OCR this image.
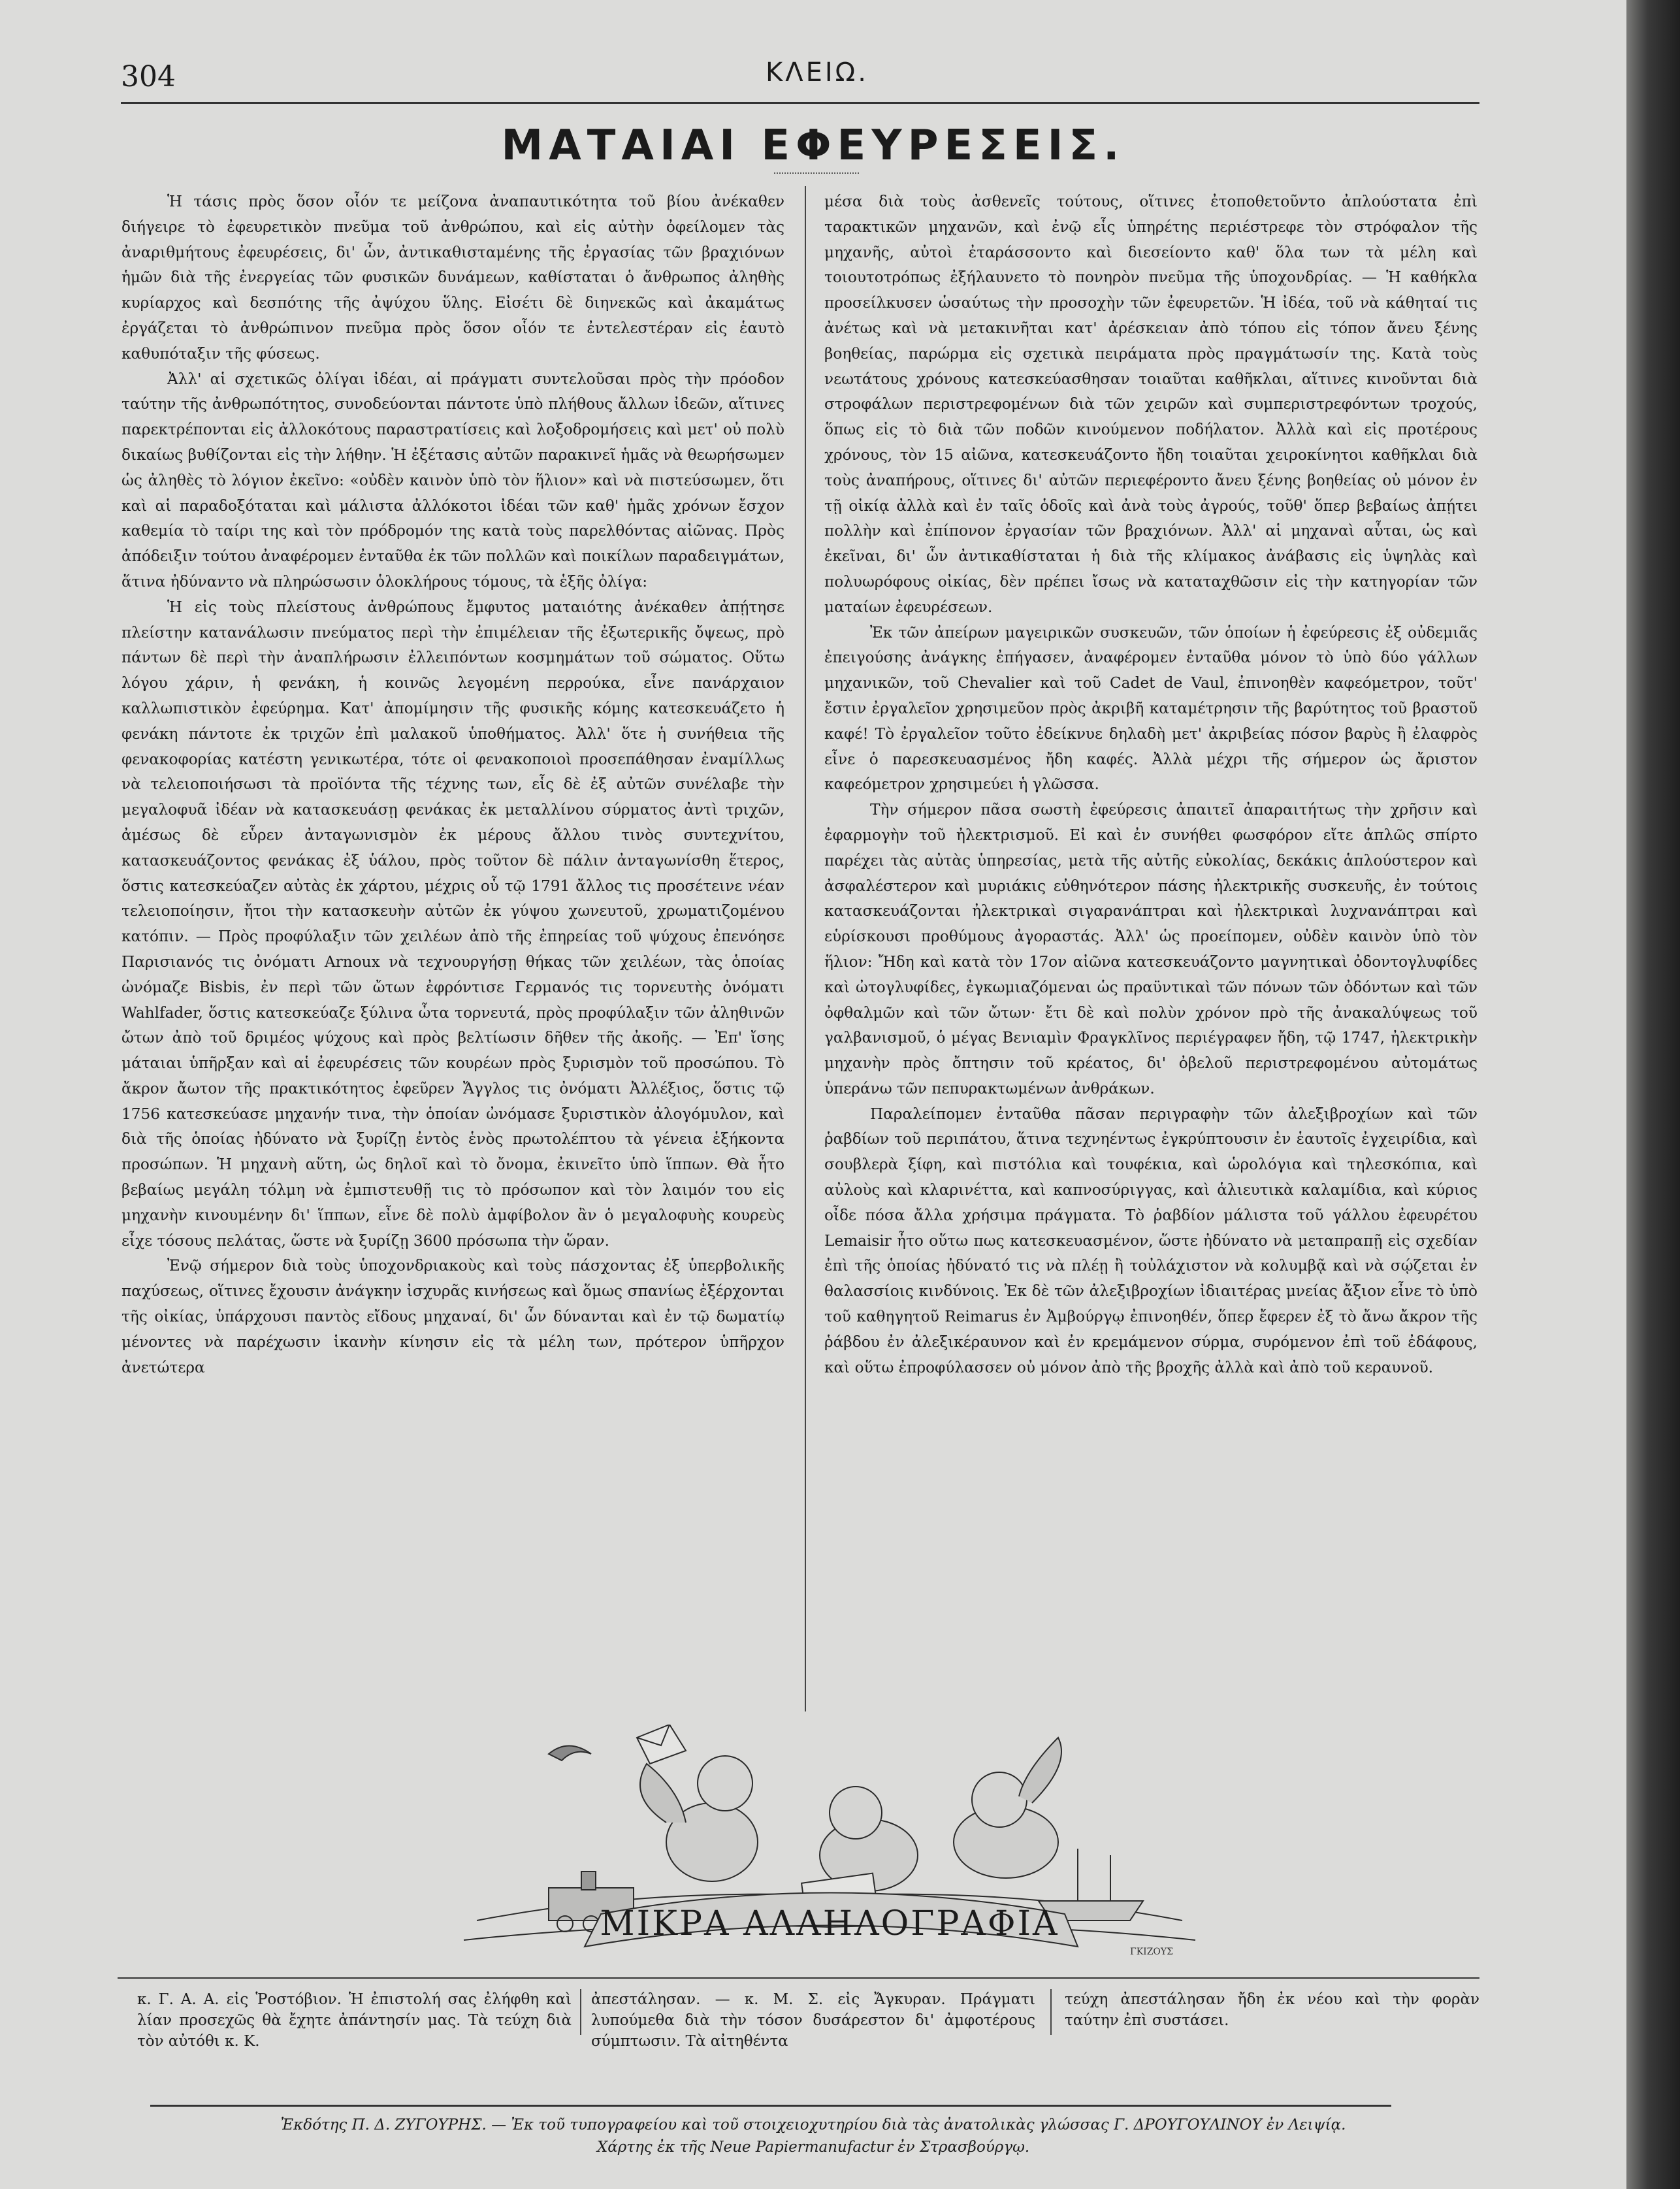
304	ΚΛΕΙΩ.
ΜΑΤΑΙΑΙ ΕΦΕΥΡΕΣΕΙΣ.

Ἡ τάσις πρὸς ὅσον οἷόν τε μείζονα ἀναπαυτικότητα τοῦ βίου ἀνέκαθεν διήγειρε τὸ ἐφευρετικὸν πνεῦμα τοῦ ἀνθρώπου, καὶ εἰς αὐτὴν ὀφείλομεν τὰς ἀναριθμήτους ἐφευρέσεις, δι' ὧν, ἀντικαθισταμένης τῆς ἐργασίας τῶν βραχιόνων ἡμῶν διὰ τῆς ἐνεργείας τῶν φυσικῶν δυνάμεων, καθίσταται ὁ ἄνθρωπος ἀληθὴς κυρίαρχος καὶ δεσπότης τῆς ἀψύχου ὕλης. Εἰσέτι δὲ διηνεκῶς καὶ ἀκαμάτως ἐργάζεται τὸ ἀνθρώπινον πνεῦμα πρὸς ὅσον οἷόν τε ἐντελεστέραν εἰς ἑαυτὸ καθυπόταξιν τῆς φύσεως.

Ἀλλ' αἱ σχετικῶς ὀλίγαι ἰδέαι, αἱ πράγματι συντελοῦσαι πρὸς τὴν πρόοδον ταύτην τῆς ἀνθρωπότητος, συνοδεύονται πάντοτε ὑπὸ πλήθους ἄλλων ἰδεῶν, αἵτινες παρεκτρέπονται εἰς ἀλλοκότους παραστρατίσεις καὶ λοξοδρομήσεις καὶ μετ' οὐ πολὺ δικαίως βυθίζονται εἰς τὴν λήθην. Ἡ ἐξέτασις αὐτῶν παρακινεῖ ἡμᾶς νὰ θεωρήσωμεν ὡς ἀληθὲς τὸ λόγιον ἐκεῖνο: «οὐδὲν καινὸν ὑπὸ τὸν ἥλιον» καὶ νὰ πιστεύσωμεν, ὅτι καὶ αἱ παραδοξόταται καὶ μάλιστα ἀλλόκοτοι ἰδέαι τῶν καθ' ἡμᾶς χρόνων ἔσχον καθεμία τὸ ταίρι της καὶ τὸν πρόδρομόν της κατὰ τοὺς παρελθόντας αἰῶνας. Πρὸς ἀπόδειξιν τούτου ἀναφέρομεν ἐνταῦθα ἐκ τῶν πολλῶν καὶ ποικίλων παραδειγμάτων, ἅτινα ἠδύναντο νὰ πληρώσωσιν ὁλοκλήρους τόμους, τὰ ἑξῆς ὀλίγα:

Ἡ εἰς τοὺς πλείστους ἀνθρώπους ἔμφυτος ματαιότης ἀνέκαθεν ἀπῄτησε πλείστην κατανάλωσιν πνεύματος περὶ τὴν ἐπιμέλειαν τῆς ἐξωτερικῆς ὄψεως, πρὸ πάντων δὲ περὶ τὴν ἀναπλήρωσιν ἐλλειπόντων κοσμημάτων τοῦ σώματος. Οὕτω λόγου χάριν, ἡ φενάκη, ἡ κοινῶς λεγομένη περρούκα, εἶνε πανάρχαιον καλλωπιστικὸν ἐφεύρημα. Κατ' ἀπομίμησιν τῆς φυσικῆς κόμης κατεσκευάζετο ἡ φενάκη πάντοτε ἐκ τριχῶν ἐπὶ μαλακοῦ ὑποθήματος. Ἀλλ' ὅτε ἡ συνήθεια τῆς φενακοφορίας κατέστη γενικωτέρα, τότε οἱ φενακοποιοὶ προσεπάθησαν ἐναμίλλως νὰ τελειοποιήσωσι τὰ προϊόντα τῆς τέχνης των, εἷς δὲ ἐξ αὐτῶν συνέλαβε τὴν μεγαλοφυᾶ ἰδέαν νὰ κατασκευάσῃ φενάκας ἐκ μεταλλίνου σύρματος ἀντὶ τριχῶν, ἀμέσως δὲ εὗρεν ἀνταγωνισμὸν ἐκ μέρους ἄλλου τινὸς συντεχνίτου, κατασκευάζοντος φενάκας ἐξ ὑάλου, πρὸς τοῦτον δὲ πάλιν ἀνταγωνίσθη ἕτερος, ὅστις κατεσκεύαζεν αὐτὰς ἐκ χάρτου, μέχρις οὗ τῷ 1791 ἄλλος τις προσέτεινε νέαν τελειοποίησιν, ἤτοι τὴν κατασκευὴν αὐτῶν ἐκ γύψου χωνευτοῦ, χρωματιζομένου κατόπιν. — Πρὸς προφύλαξιν τῶν χειλέων ἀπὸ τῆς ἐπηρείας τοῦ ψύχους ἐπενόησε Παρισιανός τις ὀνόματι Arnoux νὰ τεχνουργήσῃ θήκας τῶν χειλέων, τὰς ὁποίας ὠνόμαζε Bisbis, ἐν περὶ τῶν ὤτων ἐφρόντισε Γερμανός τις τορνευτὴς ὀνόματι Wahlfader, ὅστις κατεσκεύαζε ξύλινα ὦτα τορνευτά, πρὸς προφύλαξιν τῶν ἀληθινῶν ὤτων ἀπὸ τοῦ δριμέος ψύχους καὶ πρὸς βελτίωσιν δῆθεν τῆς ἀκοῆς. — Ἐπ' ἴσης μάταιαι ὑπῆρξαν καὶ αἱ ἐφευρέσεις τῶν κουρέων πρὸς ξυρισμὸν τοῦ προσώπου. Τὸ ἄκρον ἄωτον τῆς πρακτικότητος ἐφεῦρεν Ἄγγλος τις ὀνόματι Ἀλλέξιος, ὅστις τῷ 1756 κατεσκεύασε μηχανήν τινα, τὴν ὁποίαν ὠνόμασε ξυριστικὸν ἀλογόμυλον, καὶ διὰ τῆς ὁποίας ἠδύνατο νὰ ξυρίζῃ ἐντὸς ἑνὸς πρωτολέπτου τὰ γένεια ἑξήκοντα προσώπων. Ἡ μηχανὴ αὕτη, ὡς δηλοῖ καὶ τὸ ὄνομα, ἐκινεῖτο ὑπὸ ἵππων. Θὰ ἦτο βεβαίως μεγάλη τόλμη νὰ ἐμπιστευθῇ τις τὸ πρόσωπον καὶ τὸν λαιμόν του εἰς μηχανὴν κινουμένην δι' ἵππων, εἶνε δὲ πολὺ ἀμφίβολον ἂν ὁ μεγαλοφυὴς κουρεὺς εἶχε τόσους πελάτας, ὥστε νὰ ξυρίζῃ 3600 πρόσωπα τὴν ὥραν.

Ἐνῷ σήμερον διὰ τοὺς ὑποχονδριακοὺς καὶ τοὺς πάσχοντας ἐξ ὑπερβολικῆς παχύσεως, οἵτινες ἔχουσιν ἀνάγκην ἰσχυρᾶς κινήσεως καὶ ὅμως σπανίως ἐξέρχονται τῆς οἰκίας, ὑπάρχουσι παντὸς εἴδους μηχαναί, δι' ὧν δύνανται καὶ ἐν τῷ δωματίῳ μένοντες νὰ παρέχωσιν ἱκανὴν κίνησιν εἰς τὰ μέλη των, πρότερον ὑπῆρχον ἀνετώτερα

μέσα διὰ τοὺς ἀσθενεῖς τούτους, οἵτινες ἐτοποθετοῦντο ἀπλούστατα ἐπὶ ταρακτικῶν μηχανῶν, καὶ ἐνῷ εἷς ὑπηρέτης περιέστρεφε τὸν στρόφαλον τῆς μηχανῆς, αὐτοὶ ἐταράσσοντο καὶ διεσείοντο καθ' ὅλα των τὰ μέλη καὶ τοιουτοτρόπως ἐξήλαυνετο τὸ πονηρὸν πνεῦμα τῆς ὑποχονδρίας. — Ἡ καθήκλα προσείλκυσεν ὡσαύτως τὴν προσοχὴν τῶν ἐφευρετῶν. Ἡ ἰδέα, τοῦ νὰ κάθηταί τις ἀνέτως καὶ νὰ μετακινῆται κατ' ἀρέσκειαν ἀπὸ τόπου εἰς τόπον ἄνευ ξένης βοηθείας, παρώρμα εἰς σχετικὰ πειράματα πρὸς πραγμάτωσίν της. Κατὰ τοὺς νεωτάτους χρόνους κατεσκεύασθησαν τοιαῦται καθῆκλαι, αἵτινες κινοῦνται διὰ στροφάλων περιστρεφομένων διὰ τῶν χειρῶν καὶ συμπεριστρεφόντων τροχούς, ὅπως εἰς τὸ διὰ τῶν ποδῶν κινούμενον ποδήλατον. Ἀλλὰ καὶ εἰς προτέρους χρόνους, τὸν 15 αἰῶνα, κατεσκευάζοντο ἤδη τοιαῦται χειροκίνητοι καθῆκλαι διὰ τοὺς ἀναπήρους, οἵτινες δι' αὐτῶν περιεφέροντο ἄνευ ξένης βοηθείας οὐ μόνον ἐν τῇ οἰκίᾳ ἀλλὰ καὶ ἐν ταῖς ὁδοῖς καὶ ἀνὰ τοὺς ἀγρούς, τοῦθ' ὅπερ βεβαίως ἀπῄτει πολλὴν καὶ ἐπίπονον ἐργασίαν τῶν βραχιόνων. Ἀλλ' αἱ μηχαναὶ αὗται, ὡς καὶ ἐκεῖναι, δι' ὧν ἀντικαθίσταται ἡ διὰ τῆς κλίμακος ἀνάβασις εἰς ὑψηλὰς καὶ πολυωρόφους οἰκίας, δὲν πρέπει ἴσως νὰ καταταχθῶσιν εἰς τὴν κατηγορίαν τῶν ματαίων ἐφευρέσεων.

Ἐκ τῶν ἀπείρων μαγειρικῶν συσκευῶν, τῶν ὁποίων ἡ ἐφεύρεσις ἐξ οὐδεμιᾶς ἐπειγούσης ἀνάγκης ἐπήγασεν, ἀναφέρομεν ἐνταῦθα μόνον τὸ ὑπὸ δύο γάλλων μηχανικῶν, τοῦ Chevalier καὶ τοῦ Cadet de Vaul, ἐπινοηθὲν καφεόμετρον, τοῦτ' ἔστιν ἐργαλεῖον χρησιμεῦον πρὸς ἀκριβῆ καταμέτρησιν τῆς βαρύτητος τοῦ βραστοῦ καφέ! Τὸ ἐργαλεῖον τοῦτο ἐδείκνυε δηλαδὴ μετ' ἀκριβείας πόσον βαρὺς ἢ ἐλαφρὸς εἶνε ὁ παρεσκευασμένος ἤδη καφές. Ἀλλὰ μέχρι τῆς σήμερον ὡς ἄριστον καφεόμετρον χρησιμεύει ἡ γλῶσσα.

Τὴν σήμερον πᾶσα σωστὴ ἐφεύρεσις ἀπαιτεῖ ἀπαραιτήτως τὴν χρῆσιν καὶ ἐφαρμογὴν τοῦ ἠλεκτρισμοῦ. Εἰ καὶ ἐν συνήθει φωσφόρον εἴτε ἁπλῶς σπίρτο παρέχει τὰς αὐτὰς ὑπηρεσίας, μετὰ τῆς αὐτῆς εὐκολίας, δεκάκις ἁπλούστερον καὶ ἀσφαλέστερον καὶ μυριάκις εὐθηνότερον πάσης ἠλεκτρικῆς συσκευῆς, ἐν τούτοις κατασκευάζονται ἠλεκτρικαὶ σιγαρανάπτραι καὶ ἠλεκτρικαὶ λυχνανάπτραι καὶ εὑρίσκουσι προθύμους ἀγοραστάς. Ἀλλ' ὡς προείπομεν, οὐδὲν καινὸν ὑπὸ τὸν ἥλιον: Ἤδη καὶ κατὰ τὸν 17ον αἰῶνα κατεσκευάζοντο μαγνητικαὶ ὀδοντογλυφίδες καὶ ὠτογλυφίδες, ἐγκωμιαζόμεναι ὡς πραϋντικαὶ τῶν πόνων τῶν ὀδόντων καὶ τῶν ὀφθαλμῶν καὶ τῶν ὤτων· ἔτι δὲ καὶ πολὺν χρόνον πρὸ τῆς ἀνακαλύψεως τοῦ γαλβανισμοῦ, ὁ μέγας Βενιαμὶν Φραγκλῖνος περιέγραφεν ἤδη, τῷ 1747, ἠλεκτρικὴν μηχανὴν πρὸς ὄπτησιν τοῦ κρέατος, δι' ὀβελοῦ περιστρεφομένου αὐτομάτως ὑπεράνω τῶν πεπυρακτωμένων ἀνθράκων.

Παραλείπομεν ἐνταῦθα πᾶσαν περιγραφὴν τῶν ἀλεξιβροχίων καὶ τῶν ῥαβδίων τοῦ περιπάτου, ἅτινα τεχνηέντως ἐγκρύπτουσιν ἐν ἑαυτοῖς ἐγχειρίδια, καὶ σουβλερὰ ξίφη, καὶ πιστόλια καὶ τουφέκια, καὶ ὡρολόγια καὶ τηλεσκόπια, καὶ αὐλοὺς καὶ κλαρινέττα, καὶ καπνοσύριγγας, καὶ ἁλιευτικὰ καλαμίδια, καὶ κύριος οἶδε πόσα ἄλλα χρήσιμα πράγματα. Τὸ ῥαβδίον μάλιστα τοῦ γάλλου ἐφευρέτου Lemaisir ἦτο οὕτω πως κατεσκευασμένον, ὥστε ἠδύνατο νὰ μεταπραπῇ εἰς σχεδίαν ἐπὶ τῆς ὁποίας ἠδύνατό τις νὰ πλέῃ ἢ τοὐλάχιστον νὰ κολυμβᾷ καὶ νὰ σῴζεται ἐν θαλασσίοις κινδύνοις. Ἐκ δὲ τῶν ἀλεξιβροχίων ἰδιαιτέρας μνείας ἄξιον εἶνε τὸ ὑπὸ τοῦ καθηγητοῦ Reimarus ἐν Ἀμβούργῳ ἐπινοηθέν, ὅπερ ἔφερεν ἐξ τὸ ἄνω ἄκρον τῆς ῥάβδου ἐν ἀλεξικέραυνον καὶ ἐν κρεμάμενον σύρμα, συρόμενον ἐπὶ τοῦ ἐδάφους, καὶ οὕτω ἐπροφύλασσεν οὐ μόνον ἀπὸ τῆς βροχῆς ἀλλὰ καὶ ἀπὸ τοῦ κεραυνοῦ.

ΜΙΚΡΑ ΑΛΛΗΛΟΓΡΑΦΙΑ
ΓΚΙΖΟΥΣ

κ. Γ. Α. Α. εἰς Ῥοστόβιον. Ἡ ἐπιστολή σας ἐλήφθη καὶ λίαν προσεχῶς θὰ ἔχητε ἀπάντησίν μας. Τὰ τεύχη διὰ τὸν αὐτόθι κ. Κ.

ἀπεστάλησαν. — κ. Μ. Σ. εἰς Ἄγκυραν. Πράγματι λυπούμεθα διὰ τὴν τόσον δυσάρεστον δι' ἀμφοτέρους σύμπτωσιν. Τὰ αἰτηθέντα

τεύχη ἀπεστάλησαν ἤδη ἐκ νέου καὶ τὴν φορὰν ταύτην ἐπὶ συστάσει.

Ἐκδότης Π. Δ. ΖΥΓΟΥΡΗΣ. — Ἐκ τοῦ τυπογραφείου καὶ τοῦ στοιχειοχυτηρίου διὰ τὰς ἀνατολικὰς γλώσσας Γ. ΔΡΟΥΓΟΥΛΙΝΟΥ ἐν Λειψίᾳ.
Χάρτης ἐκ τῆς Neue Papiermanufactur ἐν Στρασβούργῳ.
